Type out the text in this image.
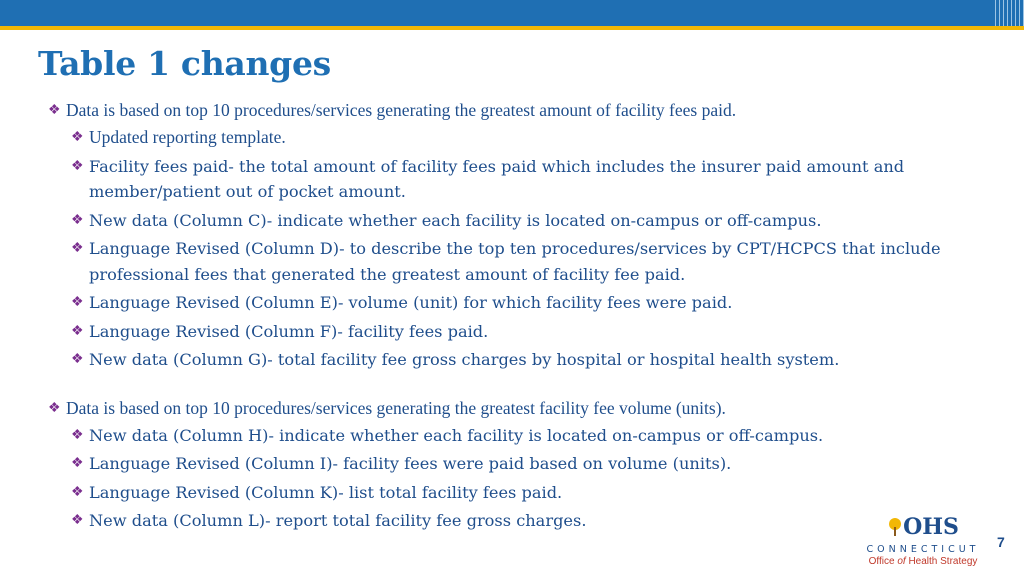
Table 1 changes
❖ Data is based on top 10 procedures/services generating the greatest amount of facility fees paid.
❖ Updated reporting template.
❖ Facility fees paid- the total amount of facility fees paid which includes the insurer paid amount and member/patient out of pocket amount.
❖ New data (Column C)- indicate whether each facility is located on-campus or off-campus.
❖ Language Revised (Column D)- to describe the top ten procedures/services by CPT/HCPCS that include professional fees that generated the greatest amount of facility fee paid.
❖ Language Revised (Column E)- volume (unit) for which facility fees were paid.
❖ Language Revised (Column F)- facility fees paid.
❖ New data (Column G)- total facility fee gross charges by hospital or hospital health system.
❖ Data is based on top 10 procedures/services generating the greatest facility fee volume (units).
❖ New data (Column H)- indicate whether each facility is located on-campus or off-campus.
❖ Language Revised (Column I)- facility fees were paid based on volume (units).
❖ Language Revised (Column K)- list total facility fees paid.
❖ New data (Column L)- report total facility fee gross charges.	OHS
CONNECTICUT
Office of Health Strategy
7
